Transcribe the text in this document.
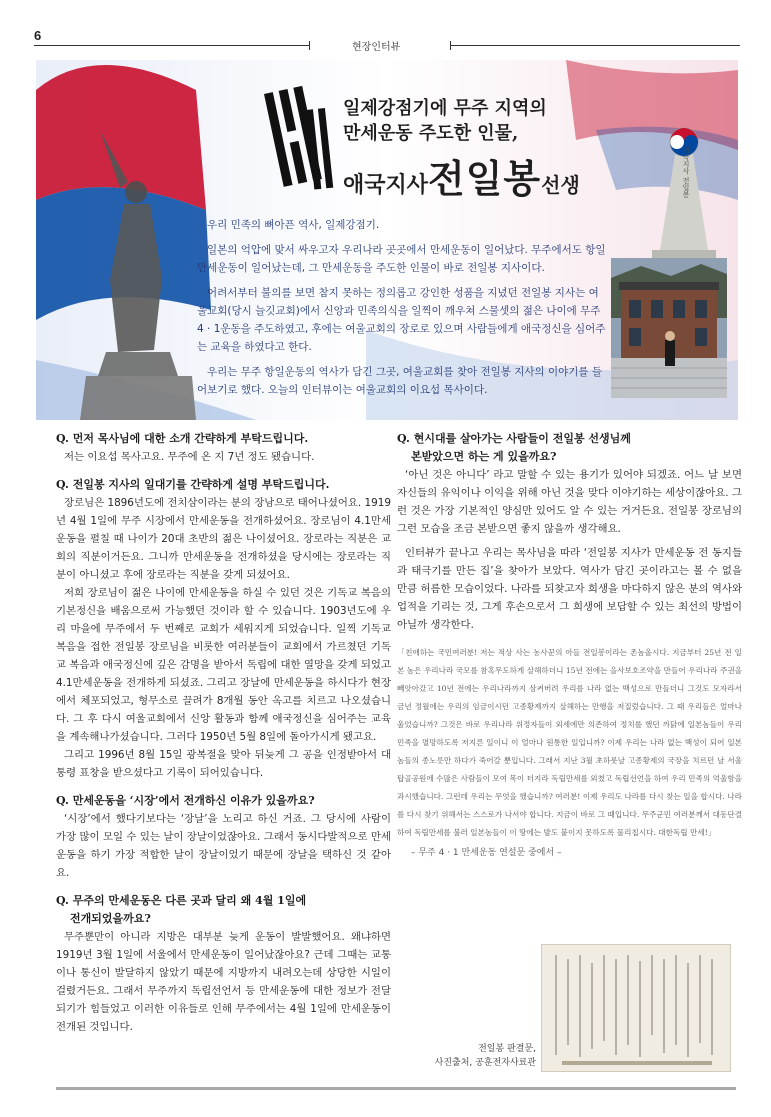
6
현장인터뷰
애국지사 전일봉
일제강점기에 무주 지역의
만세운동 주도한 인물,
애국지사전일봉선생

우리 민족의 뼈아픈 역사, 일제강점기.

일본의 억압에 맞서 싸우고자 우리나라 곳곳에서 만세운동이 일어났다. 무주에서도 항일 만세운동이 일어났는데, 그 만세운동을 주도한 인물이 바로 전일봉 지사이다.

어려서부터 불의를 보면 참지 못하는 정의롭고 강인한 성품을 지녔던 전일봉 지사는 여울교회(당시 늘깃교회)에서 신앙과 민족의식을 일찍이 깨우쳐 스물셋의 젊은 나이에 무주 4 · 1운동을 주도하였고, 후에는 여울교회의 장로로 있으며 사람들에게 애국정신을 심어주는 교육을 하였다고 한다.

우리는 무주 항일운동의 역사가 담긴 그곳, 여울교회를 찾아 전일봉 지사의 이야기를 들어보기로 했다. 오늘의 인터뷰이는 여울교회의 이요섭 목사이다.

Q. 먼저 목사님에 대한 소개 간략하게 부탁드립니다.
저는 이요섭 목사고요. 무주에 온 지 7년 정도 됐습니다.
Q. 전일봉 지사의 일대기를 간략하게 설명 부탁드립니다.
장로님은 1896년도에 전치삼이라는 분의 장남으로 태어나셨어요. 1919년 4월 1일에 무주 시장에서 만세운동을 전개하셨어요. 장로님이 4.1만세운동을 펼칠 때 나이가 20대 초반의 젊은 나이셨어요. 장로라는 직분은 교회의 직분이거든요. 그니까 만세운동을 전개하셨을 당시에는 장로라는 직분이 아니셨고 후에 장로라는 직분을 갖게 되셨어요.
저희 장로님이 젊은 나이에 만세운동을 하실 수 있던 것은 기독교 복음의 기본정신을 배움으로써 가능했던 것이라 할 수 있습니다. 1903년도에 우리 마을에 무주에서 두 번째로 교회가 세워지게 되었습니다. 일찍 기독교 복음을 접한 전일봉 장로님을 비롯한 여러분들이 교회에서 가르쳤던 기독교 복음과 애국정신에 깊은 감명을 받아서 독립에 대한 열망을 갖게 되었고 4.1만세운동을 전개하게 되셨죠. 그리고 장날에 만세운동을 하시다가 현장에서 체포되었고, 형무소로 끌려가 8개월 동안 옥고를 치르고 나오셨습니다. 그 후 다시 여울교회에서 신앙 활동과 함께 애국정신을 심어주는 교육을 계속해나가셨습니다. 그러다 1950년 5월 8일에 돌아가시게 됐고요.
그리고 1996년 8월 15일 광복절을 맞아 뒤늦게 그 공을 인정받아서 대통령 표창을 받으셨다고 기록이 되어있습니다.
Q. 만세운동을 ‘시장’에서 전개하신 이유가 있을까요?
‘시장’에서 했다기보다는 ‘장날’을 노리고 하신 거죠. 그 당시에 사람이 가장 많이 모일 수 있는 날이 장날이었잖아요. 그래서 동시다발적으로 만세운동을 하기 가장 적합한 날이 장날이었기 때문에 장날을 택하신 것 같아요.
Q. 무주의 만세운동은 다른 곳과 달리 왜 4월 1일에
전개되었을까요?
무주뿐만이 아니라 지방은 대부분 늦게 운동이 발발했어요. 왜냐하면 1919년 3월 1일에 서울에서 만세운동이 일어났잖아요? 근데 그때는 교통이나 통신이 발달하지 않았기 때문에 지방까지 내려오는데 상당한 시일이 걸렸거든요. 그래서 무주까지 독립선언서 등 만세운동에 대한 정보가 전달되기가 힘들었고 이러한 이유들로 인해 무주에서는 4월 1일에 만세운동이 전개된 것입니다.
Q. 현시대를 살아가는 사람들이 전일봉 선생님께
본받았으면 하는 게 있을까요?
‘아닌 것은 아니다’ 라고 말할 수 있는 용기가 있어야 되겠죠. 어느 날 보면 자신들의 유익이나 이익을 위해 아닌 것을 맞다 이야기하는 세상이잖아요. 그런 것은 가장 기본적인 양심만 있어도 알 수 있는 거거든요. 전일봉 장로님의 그런 모습을 조금 본받으면 좋지 않을까 생각해요.
인터뷰가 끝나고 우리는 목사님을 따라 ‘전일봉 지사가 만세운동 전 동지들과 태극기를 만든 집’을 찾아가 보았다. 역사가 담긴 곳이라고는 볼 수 없을 만큼 허름한 모습이었다. 나라를 되찾고자 희생을 마다하지 않은 분의 역사와 업적을 기리는 것, 그게 후손으로서 그 희생에 보답할 수 있는 최선의 방법이 아닐까 생각한다.
「친애하는 국민여러분! 저는 적상 사는 농사꾼의 아들 전일봉이라는 촌놈올시다. 지금부터 25년 전 일본 놈은 우리나라 국모를 참혹무도하게 살해하더니 15년 전에는 을사보호조약을 만들어 우리나라 주권을 빼앗아갔고 10년 전에는 우리나라까지 삼켜버려 우리를 나라 없는 백성으로 만들더니 그것도 모자라서 금년 정월에는 우리의 임금이시던 고종황제까지 살해하는 만행을 저질렀습니다. 그 때 우리들은 얼마나 울었습니까? 그것은 바로 우리나라 위정자들이 외세에만 의존하여 정치를 했던 까닭에 일본놈들이 우리민족을 멸망하도록 저지른 일이니 이 얼마나 원통한 일입니까? 이제 우리는 나라 없는 백성이 되어 일본놈들의 종노릇만 하다가 죽어갈 뿐입니다. 그래서 지난 3월 초하룻날 고종황제의 국장을 치르던 날 서울 탑골공원에 수많은 사람들이 모여 목이 터지라 독립만세를 외쳤고 독립선언을 하여 우리 민족의 억울함을 과시했습니다. 그런데 우리는 무엇을 했습니까? 여러분! 이제 우리도 나라를 다시 찾는 일을 합시다. 나라를 다시 찾기 위해서는 스스로가 나서야 합니다. 지금이 바로 그 때입니다. 무주군민 여러분께서 대동단결하여 독립만세를 불러 일본놈들이 이 땅에는 발도 붙이지 못하도록 물리칩시다. 대한독립 만세!」
– 무주 4 · 1 만세운동 연설문 중에서 –
전일봉 판결문,
사진출처, 공훈전자사료관
